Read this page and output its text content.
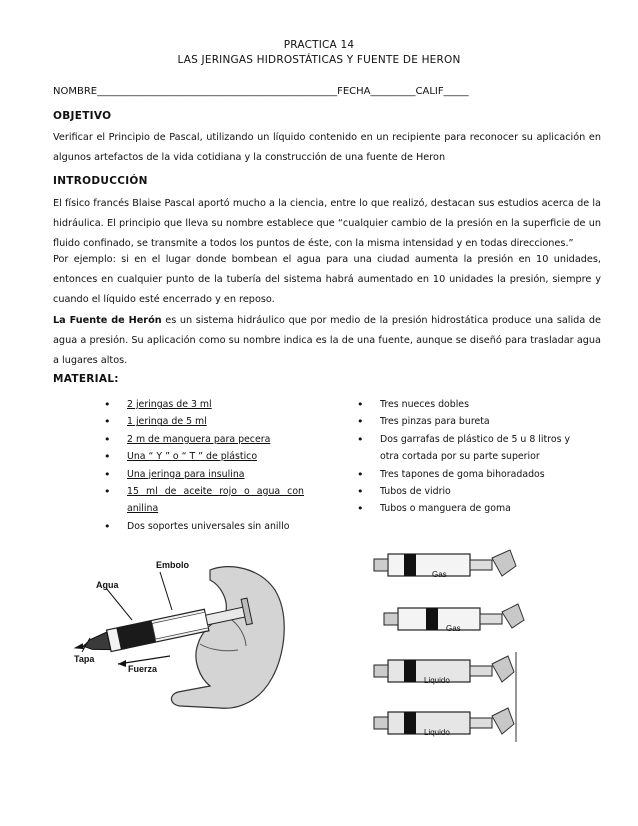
PRACTICA 14
LAS JERINGAS HIDROSTÁTICAS Y FUENTE DE HERON
NOMBRE________________________________________________FECHA_________CALIF_____
OBJETIVO
Verificar el Principio de Pascal, utilizando un líquido contenido en un recipiente para reconocer su aplicación en algunos artefactos de la vida cotidiana y la construcción de una fuente de Heron
INTRODUCCIÓN
El físico francés Blaise Pascal aportó mucho a la ciencia, entre lo que realizó, destacan sus estudios acerca de la hidráulica. El principio que lleva su nombre establece que “cualquier cambio de la presión en la superficie de un fluido confinado, se transmite a todos los puntos de éste, con la misma intensidad y en todas direcciones.”
Por ejemplo: si en el lugar donde bombean el agua para una ciudad aumenta la presión en 10 unidades, entonces en cualquier punto de la tubería del sistema habrá aumentado en 10 unidades la presión, siempre y cuando el líquido esté encerrado y en reposo.
La Fuente de Herón es un sistema hidráulico que por medio de la presión hidrostática produce una salida de agua a presión. Su aplicación como su nombre indica es la de una fuente, aunque se diseñó para trasladar agua a lugares altos.
MATERIAL:
• 2 jeringas de 3 ml
• 1 jeringa de 5 ml
• 2 m de manguera para pecera
• Una “ Y ” o “ T ” de plástico
• Una jeringa para insulina
• 15 ml de aceite rojo o agua con anilina
• Dos soportes universales sin anillo
• Tres nueces dobles
• Tres pinzas para bureta
• Dos garrafas de plástico de 5 u 8 litros y otra cortada por su parte superior
• Tres tapones de goma bihoradados
• Tubos de vidrio
• Tubos o manguera de goma
Agua
Embolo
Tapa
Fuerza
Gas
Gas
Liquido
Liquido
